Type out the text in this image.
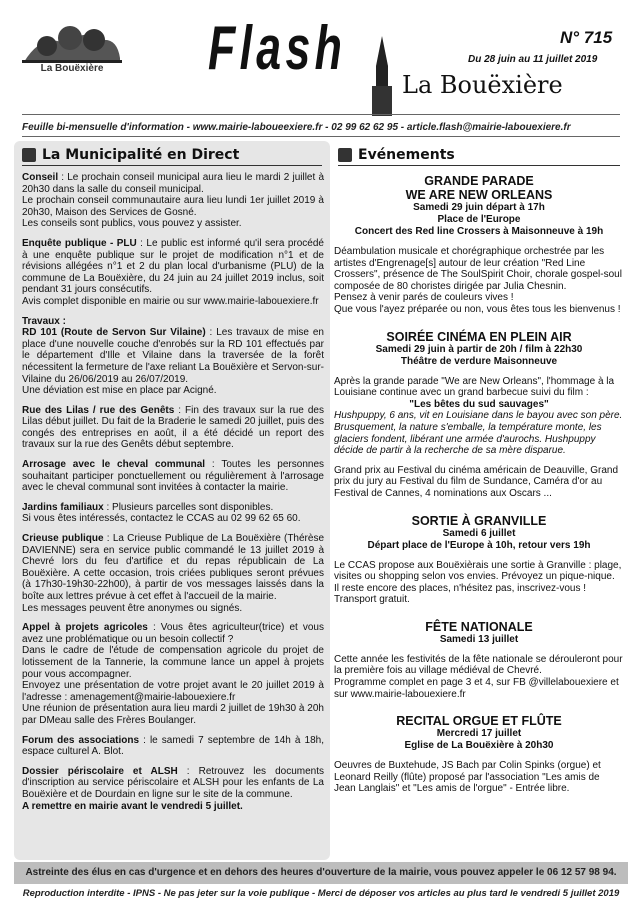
La Bouëxière Flash
La Bouëxière
N° 715
Du 28 juin au 11 juillet 2019
Feuille bi-mensuelle d'information - www.mairie-laboueexiere.fr - 02 99 62 62 95 - article.flash@mairie-labouexiere.fr
La Municipalité en Direct
Conseil : Le prochain conseil municipal aura lieu le mardi 2 juillet à 20h30 dans la salle du conseil municipal.
Le prochain conseil communautaire aura lieu lundi 1er juillet 2019 à 20h30, Maison des Services de Gosné.
Les conseils sont publics, vous pouvez y assister.
Enquête publique - PLU : Le public est informé qu'il sera procédé à une enquête publique sur le projet de modification n°1 et de révisions allégées n°1 et 2 du plan local d'urbanisme (PLU) de la commune de La Bouëxière, du 24 juin au 24 juillet 2019 inclus, soit pendant 31 jours consécutifs.
Avis complet disponible en mairie ou sur www.mairie-labouexiere.fr
Travaux :
RD 101 (Route de Servon Sur Vilaine) : Les travaux de mise en place d'une nouvelle couche d'enrobés sur la RD 101 effectués par le département d'Ille et Vilaine dans la traversée de la forêt nécessitent la fermeture de l'axe reliant La Bouëxière et Servon-sur-Vilaine du 26/06/2019 au 26/07/2019.
Une déviation est mise en place par Acigné.
Rue des Lilas / rue des Genêts : Fin des travaux sur la rue des Lilas début juillet. Du fait de la Braderie le samedi 20 juillet, puis des congés des entreprises en août, il a été décidé un report des travaux sur la rue des Genêts début septembre.
Arrosage avec le cheval communal : Toutes les personnes souhaitant participer ponctuellement ou régulièrement à l'arrosage avec le cheval communal sont invitées à contacter la mairie.
Jardins familiaux : Plusieurs parcelles sont disponibles.
Si vous êtes intéressés, contactez le CCAS au 02 99 62 65 60.
Crieuse publique : La Crieuse Publique de La Bouëxière (Thérèse DAVIENNE) sera en service public commandé le 13 juillet 2019 à Chevré lors du feu d'artifice et du repas républicain de La Bouëxière. A cette occasion, trois criées publiques seront prévues (à 17h30-19h30-22h00), à partir de vos messages laissés dans la boîte aux lettres prévue à cet effet à l'accueil de la mairie.
Les messages peuvent être anonymes ou signés.
Appel à projets agricoles : Vous êtes agriculteur(trice) et vous avez une problématique ou un besoin collectif ?
Dans le cadre de l'étude de compensation agricole du projet de lotissement de la Tannerie, la commune lance un appel à projets pour vous accompagner.
Envoyez une présentation de votre projet avant le 20 juillet 2019 à l'adresse : amenagement@mairie-labouexiere.fr
Une réunion de présentation aura lieu mardi 2 juillet de 19h30 à 20h par DMeau salle des Frères Boulanger.
Forum des associations : le samedi 7 septembre de 14h à 18h, espace culturel A. Blot.
Dossier périscolaire et ALSH : Retrouvez les documents d'inscription au service périscolaire et ALSH pour les enfants de La Bouëxière et de Dourdain en ligne sur le site de la commune.
A remettre en mairie avant le vendredi 5 juillet.
Evénements
GRANDE PARADE
WE ARE NEW ORLEANS
Samedi 29 juin départ à 17h
Place de l'Europe
Concert des Red line Crossers à Maisonneuve à 19h
Déambulation musicale et chorégraphique orchestrée par les artistes d'Engrenage[s] autour de leur création "Red Line Crossers", présence de The SoulSpirit Choir, chorale gospel-soul composée de 80 choristes dirigée par Julia Chesnin.
Pensez à venir parés de couleurs vives !
Que vous l'ayez préparée ou non, vous êtes tous les bienvenus !
SOIRÉE CINÉMA EN PLEIN AIR
Samedi 29 juin à partir de 20h / film à 22h30
Théâtre de verdure Maisonneuve
Après la grande parade "We are New Orleans", l'hommage à la Louisiane continue avec un grand barbecue suivi du film :
"Les bêtes du sud sauvages"
Hushpuppy, 6 ans, vit en Louisiane dans le bayou avec son père. Brusquement, la nature s'emballe, la température monte, les glaciers fondent, libérant une armée d'aurochs. Hushpuppy décide de partir à la recherche de sa mère disparue.
Grand prix au Festival du cinéma américain de Deauville, Grand prix du jury au Festival du film de Sundance, Caméra d'or au Festival de Cannes, 4 nominations aux Oscars ...
SORTIE À GRANVILLE
Samedi 6 juillet
Départ place de l'Europe à 10h, retour vers 19h
Le CCAS propose aux Bouëxièrais une sortie à Granville : plage, visites ou shopping selon vos envies. Prévoyez un pique-nique.
Il reste encore des places, n'hésitez pas, inscrivez-vous !
Transport gratuit.
FÊTE NATIONALE
Samedi 13 juillet
Cette année les festivités de la fête nationale se dérouleront pour la première fois au village médiéval de Chevré.
Programme complet en page 3 et 4, sur FB @villelabouexiere et sur www.mairie-labouexiere.fr
RECITAL ORGUE ET FLÛTE
Mercredi 17 juillet
Eglise de La Bouëxière à 20h30
Oeuvres de Buxtehude, JS Bach par Colin Spinks (orgue) et Leonard Reilly (flûte) proposé par l'association "Les amis de Jean Langlais" et "Les amis de l'orgue" - Entrée libre.
Astreinte des élus en cas d'urgence et en dehors des heures d'ouverture de la mairie, vous pouvez appeler le 06 12 57 98 94.
Reproduction interdite - IPNS - Ne pas jeter sur la voie publique - Merci de déposer vos articles au plus tard le vendredi 5 juillet 2019
